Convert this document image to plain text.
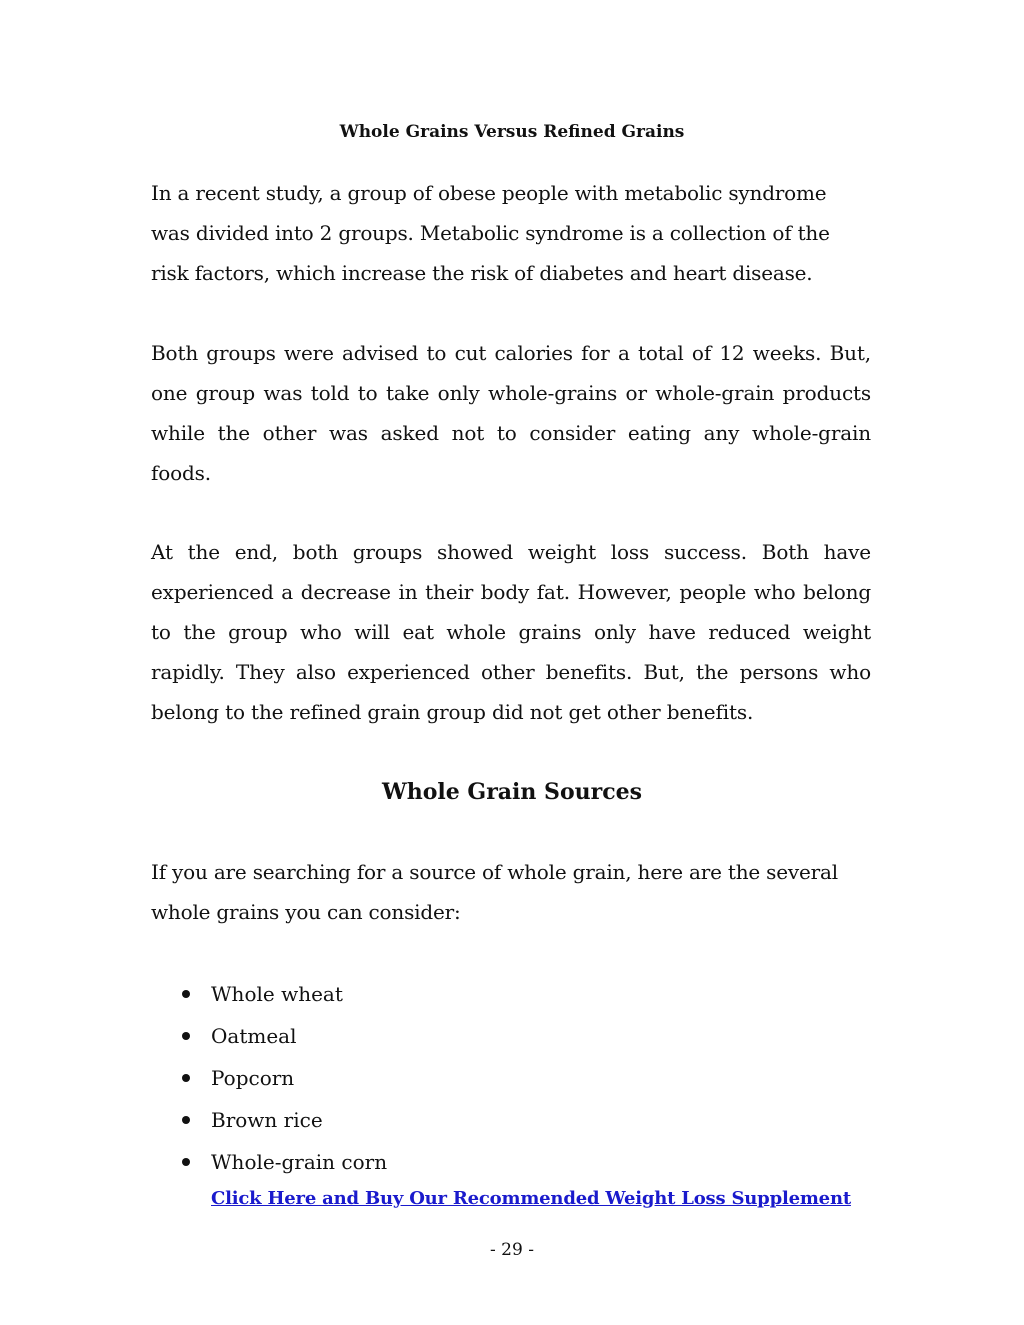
Whole Grains Versus Refined Grains

In a recent study, a group of obese people with metabolic syndrome was divided into 2 groups. Metabolic syndrome is a collection of the risk factors, which increase the risk of diabetes and heart disease.

Both groups were advised to cut calories for a total of 12 weeks. But, one group was told to take only whole-grains or whole-grain products while the other was asked not to consider eating any whole-grain foods.

At the end, both groups showed weight loss success. Both have experienced a decrease in their body fat. However, people who belong to the group who will eat whole grains only have reduced weight rapidly. They also experienced other benefits. But, the persons who belong to the refined grain group did not get other benefits.

Whole Grain Sources

If you are searching for a source of whole grain, here are the several whole grains you can consider:

Whole wheat
Oatmeal
Popcorn
Brown rice
Whole-grain corn
Click Here and Buy Our Recommended Weight Loss Supplement
- 29 -
